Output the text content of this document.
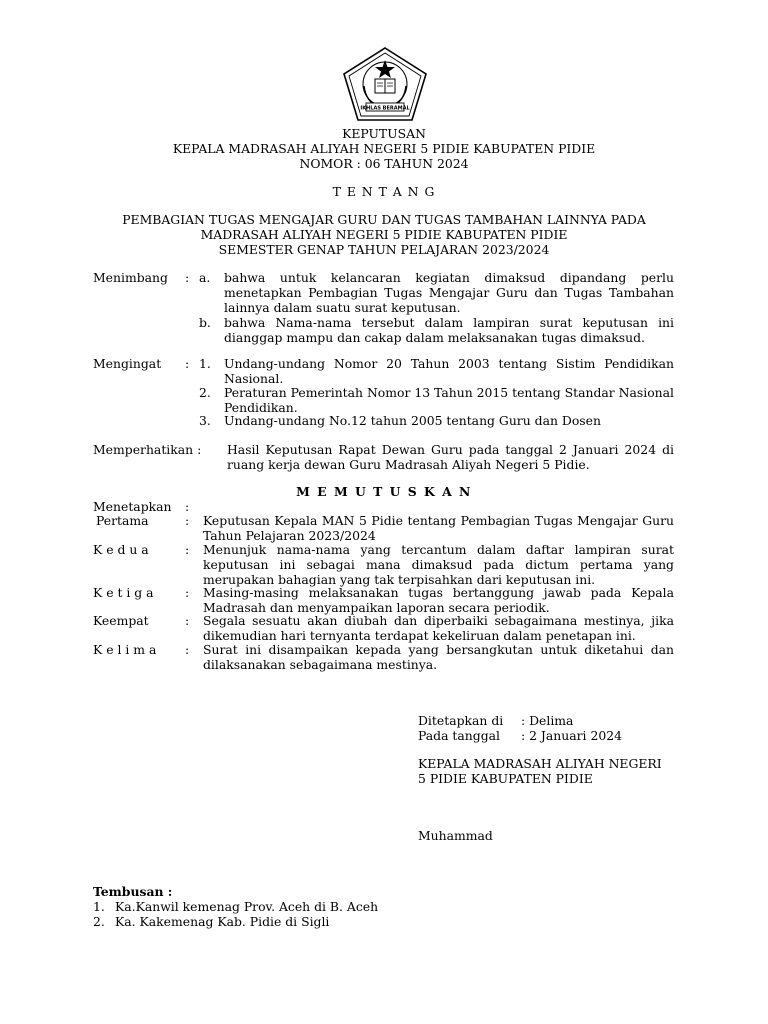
IKHLAS BERAMAL
KEPUTUSAN
KEPALA MADRASAH ALIYAH NEGERI 5 PIDIE KABUPATEN PIDIE
NOMOR : 06 TAHUN 2024
T E N T A N G
PEMBAGIAN TUGAS MENGAJAR GURU DAN TUGAS TAMBAHAN LAINNYA PADA
MADRASAH ALIYAH NEGERI 5 PIDIE KABUPATEN PIDIE
SEMESTER GENAP TAHUN PELAJARAN 2023/2024
Menimbang : a. bahwa untuk kelancaran kegiatan dimaksud dipandang perlu menetapkan Pembagian Tugas Mengajar Guru dan Tugas Tambahan lainnya dalam suatu surat keputusan.
b. bahwa Nama-nama tersebut dalam lampiran surat keputusan ini dianggap mampu dan cakap dalam melaksanakan tugas dimaksud.
Mengingat : 1. Undang-undang Nomor 20 Tahun 2003 tentang Sistim Pendidikan Nasional.
2. Peraturan Pemerintah Nomor 13 Tahun 2015 tentang Standar Nasional Pendidikan.
3. Undang-undang No.12 tahun 2005 tentang Guru dan Dosen
Memperhatikan : Hasil Keputusan Rapat Dewan Guru pada tanggal 2 Januari 2024 di ruang kerja dewan Guru Madrasah Aliyah Negeri 5 Pidie.
M E M U T U S K A N
Menetapkan :
Pertama	: Keputusan Kepala MAN 5 Pidie tentang Pembagian Tugas Mengajar Guru Tahun Pelajaran 2023/2024
K e d u a	: Menunjuk nama-nama yang tercantum dalam daftar lampiran surat keputusan ini sebagai mana dimaksud pada dictum pertama yang merupakan bahagian yang tak terpisahkan dari keputusan ini.
K e t i g a	: Masing-masing melaksanakan tugas bertanggung jawab pada Kepala Madrasah dan menyampaikan laporan secara periodik.
Keempat	: Segala sesuatu akan diubah dan diperbaiki sebagaimana mestinya, jika dikemudian hari ternyanta terdapat kekeliruan dalam penetapan ini.
K e l i m a : Surat ini disampaikan kepada yang bersangkutan untuk diketahui dan dilaksanakan sebagaimana mestinya.
Ditetapkan di : Delima
Pada tanggal : 2 Januari 2024
KEPALA MADRASAH ALIYAH NEGERI
5 PIDIE KABUPATEN PIDIE
Muhammad
Tembusan :
1. Ka.Kanwil kemenag Prov. Aceh di B. Aceh
2. Ka. Kakemenag Kab. Pidie di Sigli
